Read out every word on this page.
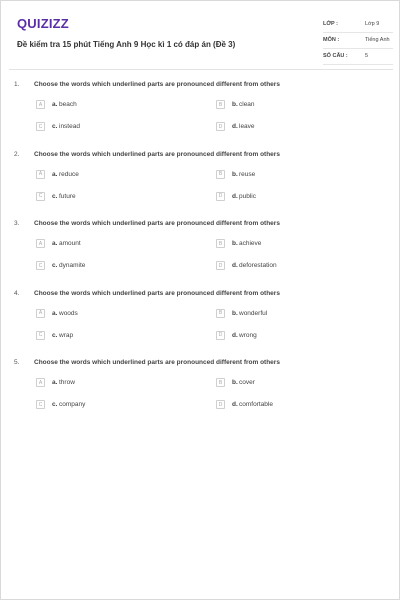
QUIZIZZ
Đề kiểm tra 15 phút Tiếng Anh 9 Học kì 1 có đáp án (Đề 3)
LỚP :	Lớp 9
MÔN :	Tiếng Anh
SỐ CÂU :	5
1. Choose the words which underlined parts are pronounced different from others
A	a. beach	B	b. clean
C	c. instead	D	d. leave
2. Choose the words which underlined parts are pronounced different from others
A	a. reduce	B	b. reuse
C	c. future	D	d. public
3. Choose the words which underlined parts are pronounced different from others
A	a. amount	B	b. achieve
C	c. dynamite	D	d. deforestation
4. Choose the words which underlined parts are pronounced different from others
A	a. woods	B	b. wonderful
C	c. wrap	D	d. wrong
5. Choose the words which underlined parts are pronounced different from others
A	a. throw	B	b. cover
C	c. company	D	d. comfortable
